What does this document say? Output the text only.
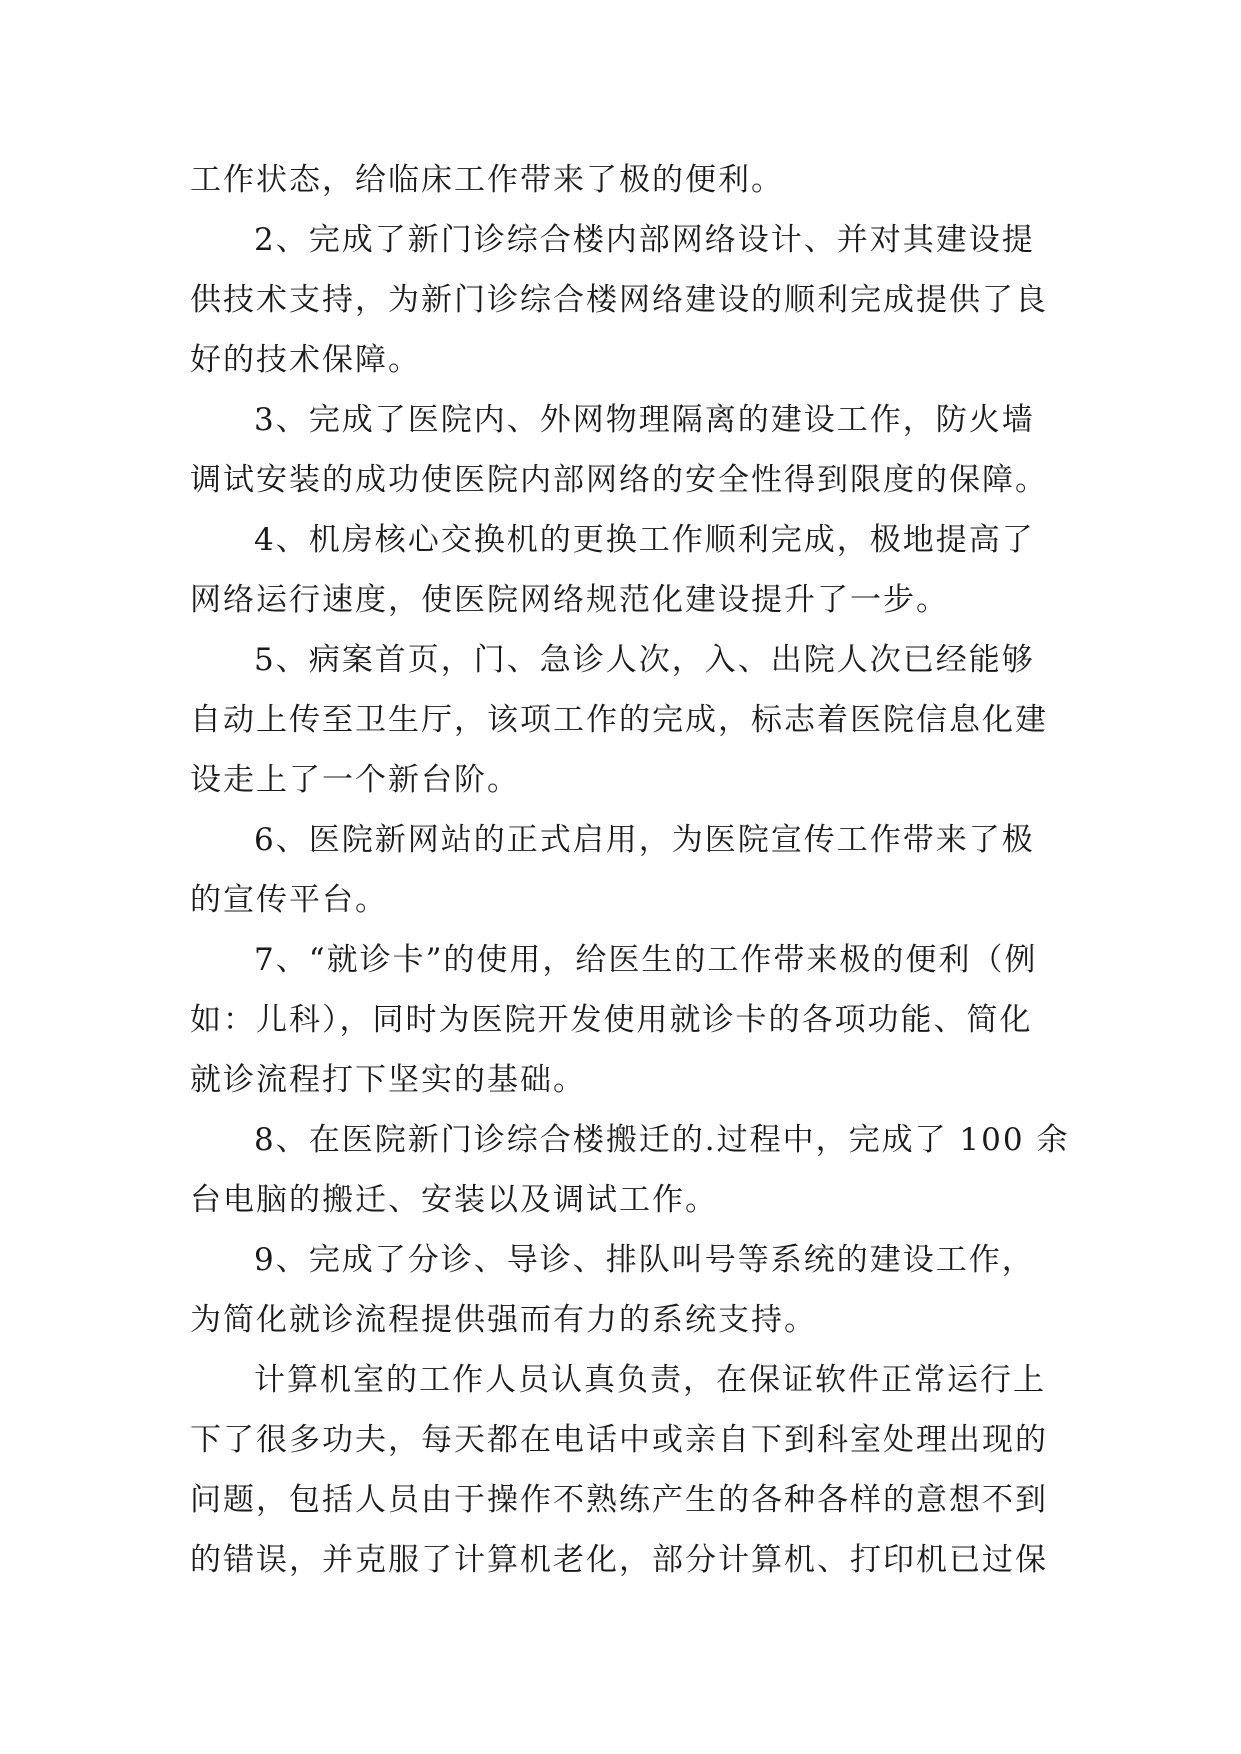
工作状态，给临床工作带来了极的便利。
2、完成了新门诊综合楼内部网络设计、并对其建设提
供技术支持，为新门诊综合楼网络建设的顺利完成提供了良
好的技术保障。
3、完成了医院内、外网物理隔离的建设工作，防火墙
调试安装的成功使医院内部网络的安全性得到限度的保障。
4、机房核心交换机的更换工作顺利完成，极地提高了
网络运行速度，使医院网络规范化建设提升了一步。
5、病案首页，门、急诊人次，入、出院人次已经能够
自动上传至卫生厅，该项工作的完成，标志着医院信息化建
设走上了一个新台阶。
6、医院新网站的正式启用，为医院宣传工作带来了极
的宣传平台。
7、“就诊卡”的使用，给医生的工作带来极的便利（例
如：儿科），同时为医院开发使用就诊卡的各项功能、简化
就诊流程打下坚实的基础。
8、在医院新门诊综合楼搬迁的.过程中，完成了 100 余
台电脑的搬迁、安装以及调试工作。
9、完成了分诊、导诊、排队叫号等系统的建设工作，
为简化就诊流程提供强而有力的系统支持。
计算机室的工作人员认真负责，在保证软件正常运行上
下了很多功夫，每天都在电话中或亲自下到科室处理出现的
问题，包括人员由于操作不熟练产生的各种各样的意想不到
的错误，并克服了计算机老化，部分计算机、打印机已过保
